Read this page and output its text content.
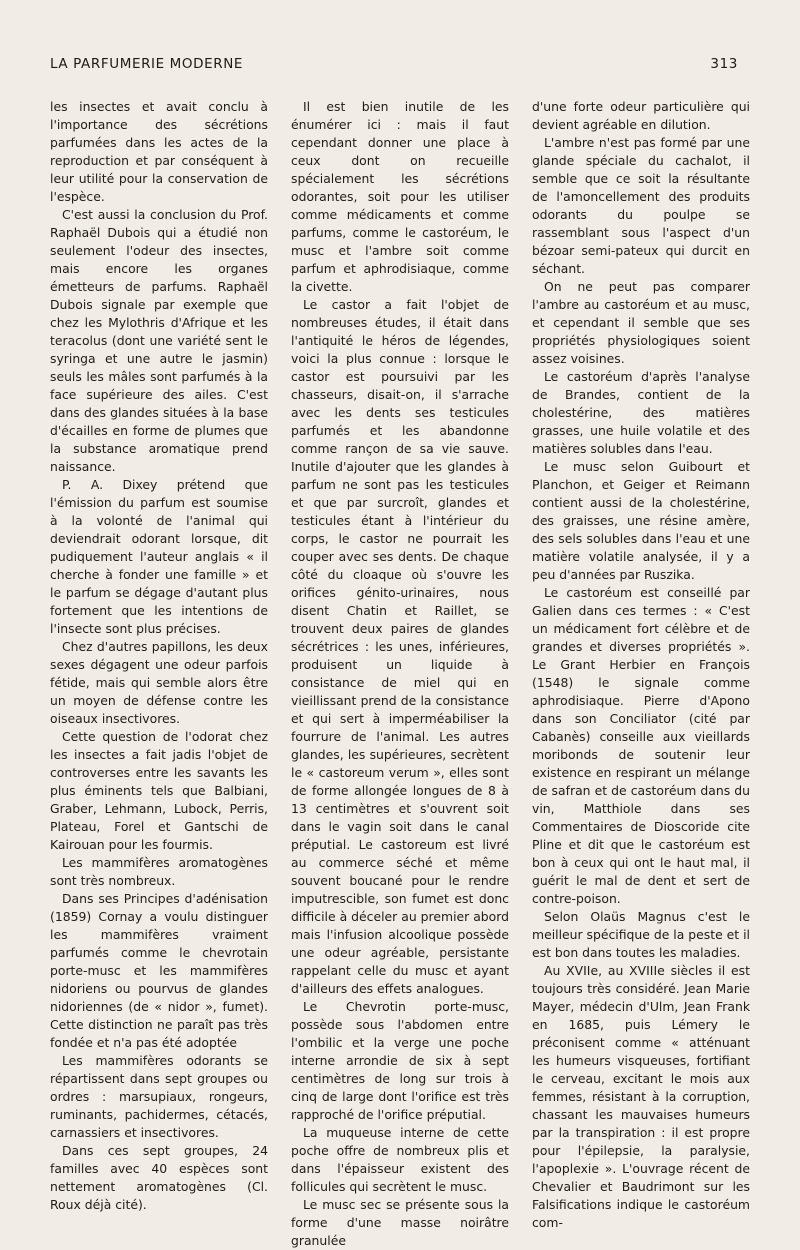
LA PARFUMERIE MODERNE	313

les insectes et avait conclu à l'importance des sécrétions parfumées dans les actes de la reproduction et par conséquent à leur utilité pour la conservation de l'espèce.

C'est aussi la conclusion du Prof. Raphaël Dubois qui a étudié non seulement l'odeur des insectes, mais encore les organes émetteurs de parfums. Raphaël Dubois signale par exemple que chez les Mylothris d'Afrique et les teracolus (dont une variété sent le syringa et une autre le jasmin) seuls les mâles sont parfumés à la face supérieure des ailes. C'est dans des glandes situées à la base d'écailles en forme de plumes que la substance aromatique prend naissance.

P. A. Dixey prétend que l'émission du parfum est soumise à la volonté de l'animal qui deviendrait odorant lorsque, dit pudiquement l'auteur anglais « il cherche à fonder une famille » et le parfum se dégage d'autant plus fortement que les intentions de l'insecte sont plus précises.

Chez d'autres papillons, les deux sexes dégagent une odeur parfois fétide, mais qui semble alors être un moyen de défense contre les oiseaux insectivores.

Cette question de l'odorat chez les insectes a fait jadis l'objet de controverses entre les savants les plus éminents tels que Balbiani, Graber, Lehmann, Lubock, Perris, Plateau, Forel et Gantschi de Kairouan pour les fourmis.

Les mammifères aromatogènes sont très nombreux.

Dans ses Principes d'adénisation (1859) Cornay a voulu distinguer les mammifères vraiment parfumés comme le chevrotain porte-musc et les mammifères nidoriens ou pourvus de glandes nidoriennes (de « nidor », fumet). Cette distinction ne paraît pas très fondée et n'a pas été adoptée

Les mammifères odorants se répartissent dans sept groupes ou ordres : marsupiaux, rongeurs, ruminants, pachidermes, cétacés, carnassiers et insectivores.

Dans ces sept groupes, 24 familles avec 40 espèces sont nettement aromatogènes (Cl. Roux déjà cité).

Il est bien inutile de les énumérer ici : mais il faut cependant donner une place à ceux dont on recueille spécialement les sécrétions odorantes, soit pour les utiliser comme médicaments et comme parfums, comme le castoréum, le musc et l'ambre soit comme parfum et aphrodisiaque, comme la civette.

Le castor a fait l'objet de nombreuses études, il était dans l'antiquité le héros de légendes, voici la plus connue : lorsque le castor est poursuivi par les chasseurs, disait-on, il s'arrache avec les dents ses testicules parfumés et les abandonne comme rançon de sa vie sauve. Inutile d'ajouter que les glandes à parfum ne sont pas les testicules et que par surcroît, glandes et testicules étant à l'intérieur du corps, le castor ne pourrait les couper avec ses dents. De chaque côté du cloaque où s'ouvre les orifices génito-urinaires, nous disent Chatin et Raillet, se trouvent deux paires de glandes sécrétrices : les unes, inférieures, produisent un liquide à consistance de miel qui en vieillissant prend de la consistance et qui sert à imperméabiliser la fourrure de l'animal. Les autres glandes, les supérieures, secrètent le « castoreum verum », elles sont de forme allongée longues de 8 à 13 centimètres et s'ouvrent soit dans le vagin soit dans le canal préputial. Le castoreum est livré au commerce séché et même souvent boucané pour le rendre imputrescible, son fumet est donc difficile à déceler au premier abord mais l'infusion alcoolique possède une odeur agréable, persistante rappelant celle du musc et ayant d'ailleurs des effets analogues.

Le Chevrotin porte-musc, possède sous l'abdomen entre l'ombilic et la verge une poche interne arrondie de six à sept centimètres de long sur trois à cinq de large dont l'orifice est très rapproché de l'orifice préputial.

La muqueuse interne de cette poche offre de nombreux plis et dans l'épaisseur existent des follicules qui secrètent le musc.

Le musc sec se présente sous la forme d'une masse noirâtre granulée

d'une forte odeur particulière qui devient agréable en dilution.

L'ambre n'est pas formé par une glande spéciale du cachalot, il semble que ce soit la résultante de l'amoncellement des produits odorants du poulpe se rassemblant sous l'aspect d'un bézoar semi-pateux qui durcit en séchant.

On ne peut pas comparer l'ambre au castoréum et au musc, et cependant il semble que ses propriétés physiologiques soient assez voisines.

Le castoréum d'après l'analyse de Brandes, contient de la cholestérine, des matières grasses, une huile volatile et des matières solubles dans l'eau.

Le musc selon Guibourt et Planchon, et Geiger et Reimann contient aussi de la cholestérine, des graisses, une résine amère, des sels solubles dans l'eau et une matière volatile analysée, il y a peu d'années par Ruszika.

Le castoréum est conseillé par Galien dans ces termes : « C'est un médicament fort célèbre et de grandes et diverses propriétés ». Le Grant Herbier en François (1548) le signale comme aphrodisiaque. Pierre d'Apono dans son Conciliator (cité par Cabanès) conseille aux vieillards moribonds de soutenir leur existence en respirant un mélange de safran et de castoréum dans du vin, Matthiole dans ses Commentaires de Dioscoride cite Pline et dit que le castoréum est bon à ceux qui ont le haut mal, il guérit le mal de dent et sert de contre-poison.

Selon Olaüs Magnus c'est le meilleur spécifique de la peste et il est bon dans toutes les maladies.

Au XVIIe, au XVIIIe siècles il est toujours très considéré. Jean Marie Mayer, médecin d'Ulm, Jean Frank en 1685, puis Lémery le préconisent comme « atténuant les humeurs visqueuses, fortifiant le cerveau, excitant le mois aux femmes, résistant à la corruption, chassant les mauvaises humeurs par la transpiration : il est propre pour l'épilepsie, la paralysie, l'apoplexie ». L'ouvrage récent de Chevalier et Baudrimont sur les Falsifications indique le castoréum com-
